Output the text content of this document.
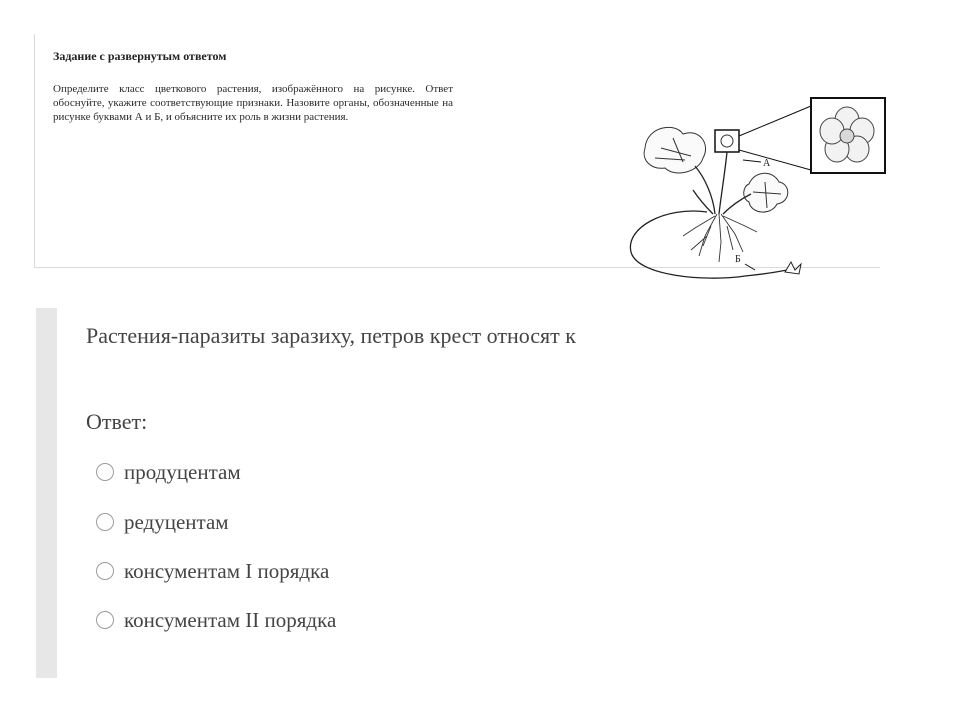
Задание с развернутым ответом
Определите класс цветкового растения, изображённого на рисунке. Ответ обоснуйте, укажите соответствующие признаки. Назовите органы, обозначенные на рисунке буквами А и Б, и объясните их роль в жизни растения.
А
Б
Растения-паразиты заразиху, петров крест относят к
Ответ:
продуцентам
редуцентам
консументам I порядка
консументам II порядка
